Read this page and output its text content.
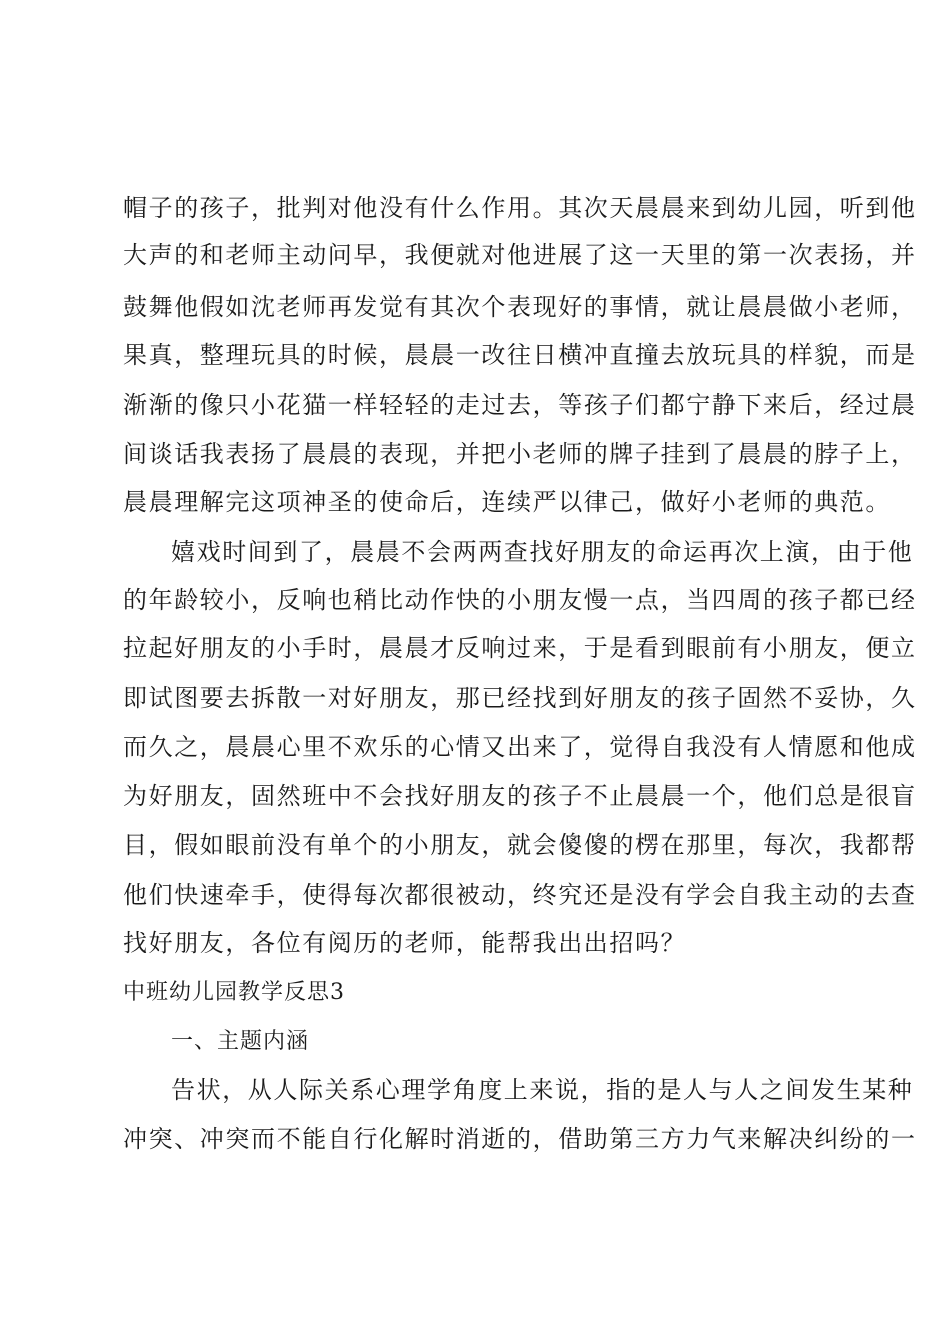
帽子的孩子，批判对他没有什么作用。其次天晨晨来到幼儿园，听到他
大声的和老师主动问早，我便就对他进展了这一天里的第一次表扬，并
鼓舞他假如沈老师再发觉有其次个表现好的事情，就让晨晨做小老师，
果真，整理玩具的时候，晨晨一改往日横冲直撞去放玩具的样貌，而是
渐渐的像只小花猫一样轻轻的走过去，等孩子们都宁静下来后，经过晨
间谈话我表扬了晨晨的表现，并把小老师的牌子挂到了晨晨的脖子上，
晨晨理解完这项神圣的使命后，连续严以律己，做好小老师的典范。
嬉戏时间到了，晨晨不会两两查找好朋友的命运再次上演，由于他
的年龄较小，反响也稍比动作快的小朋友慢一点，当四周的孩子都已经
拉起好朋友的小手时，晨晨才反响过来，于是看到眼前有小朋友，便立
即试图要去拆散一对好朋友，那已经找到好朋友的孩子固然不妥协，久
而久之，晨晨心里不欢乐的心情又出来了，觉得自我没有人情愿和他成
为好朋友，固然班中不会找好朋友的孩子不止晨晨一个，他们总是很盲
目，假如眼前没有单个的小朋友，就会傻傻的楞在那里，每次，我都帮
他们快速牵手，使得每次都很被动，终究还是没有学会自我主动的去查
找好朋友，各位有阅历的老师，能帮我出出招吗？
中班幼儿园教学反思3
一、主题内涵
告状，从人际关系心理学角度上来说，指的是人与人之间发生某种
冲突、冲突而不能自行化解时消逝的，借助第三方力气来解决纠纷的一
